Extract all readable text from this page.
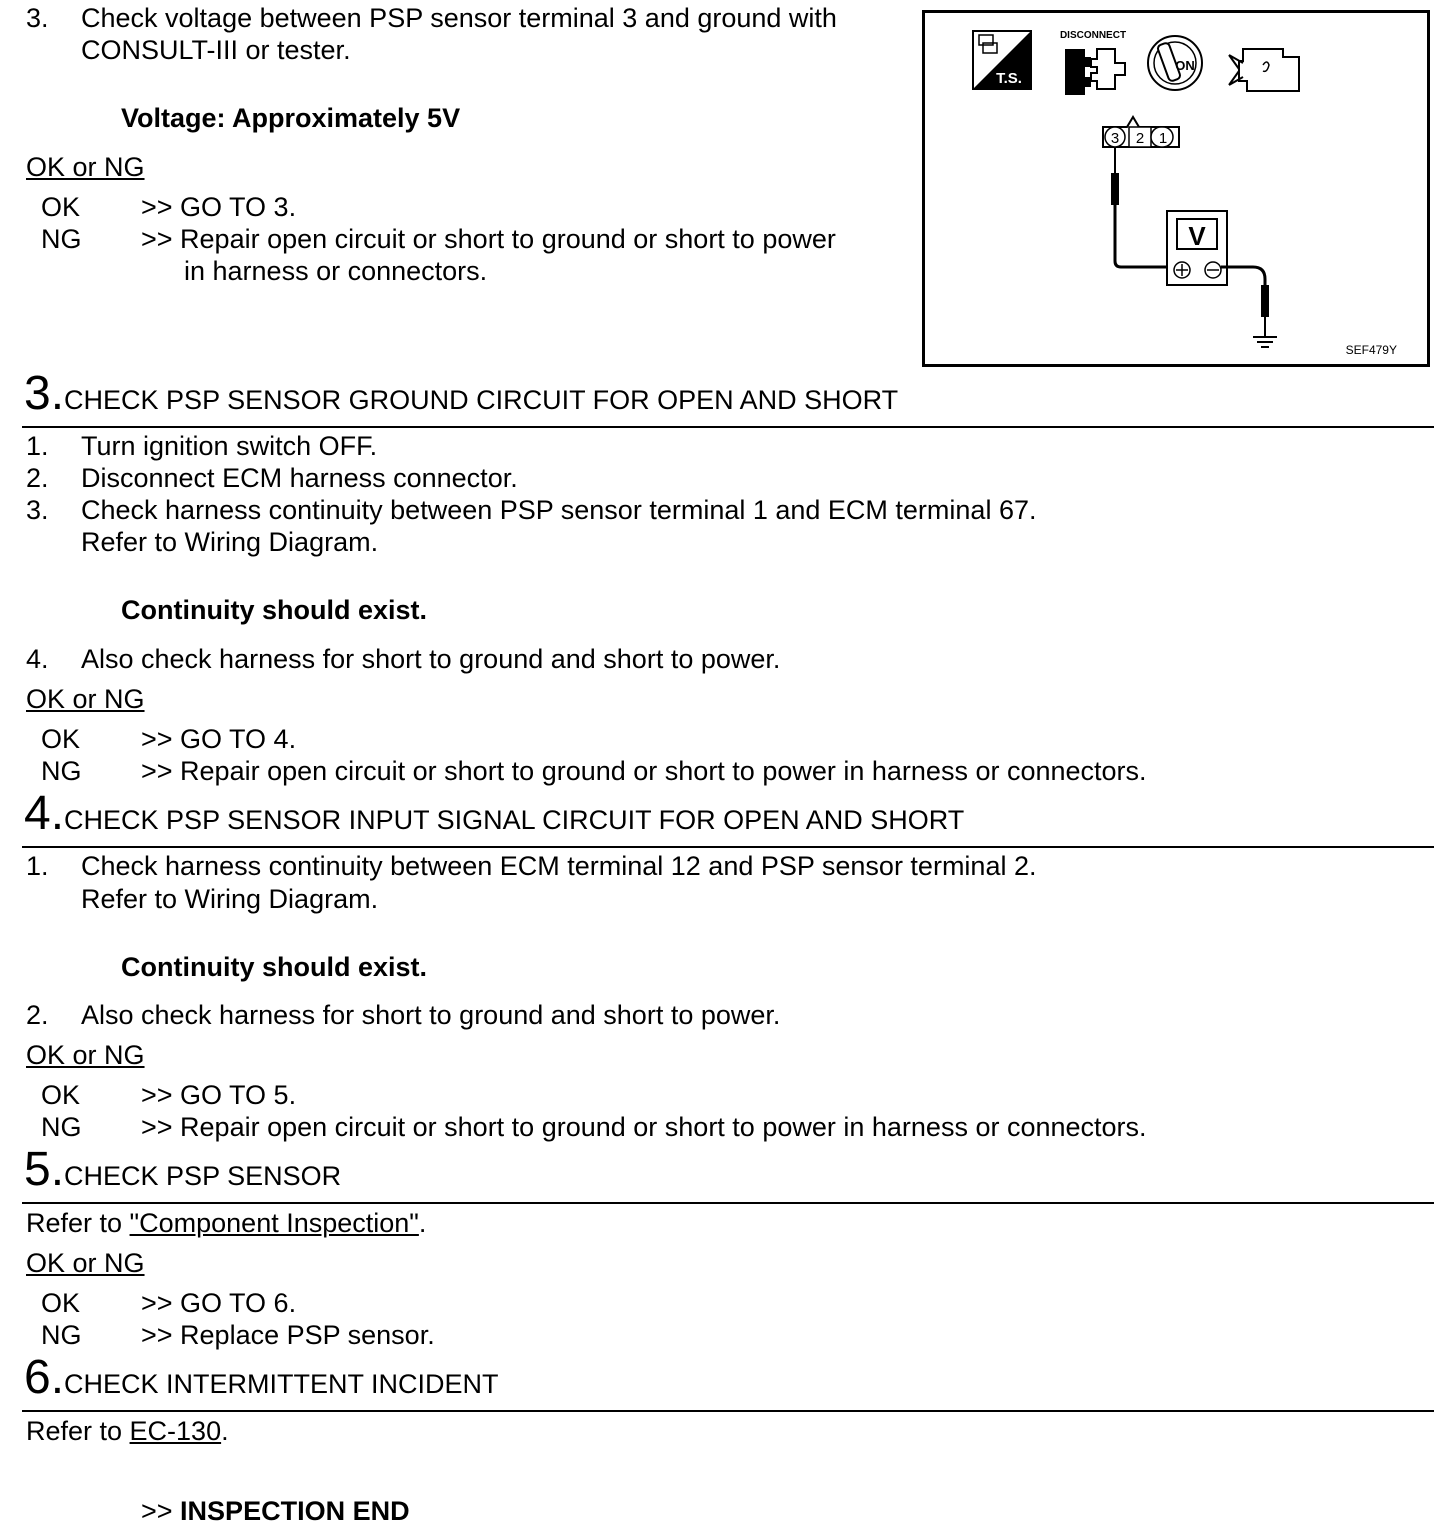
3. Check voltage between PSP sensor terminal 3 and ground with
CONSULT-III or tester.
Voltage: Approximately 5V
OK or NG
OK >> GO TO 3.
NG >> Repair open circuit or short to ground or short to power
in harness or connectors.
T.S.
DISCONNECT
ON
3 2 1
V
SEF479Y
3.CHECK PSP SENSOR GROUND CIRCUIT FOR OPEN AND SHORT
1. Turn ignition switch OFF.
2. Disconnect ECM harness connector.
3. Check harness continuity between PSP sensor terminal 1 and ECM terminal 67.
Refer to Wiring Diagram.
Continuity should exist.
4. Also check harness for short to ground and short to power.
OK or NG
OK >> GO TO 4.
NG >> Repair open circuit or short to ground or short to power in harness or connectors.
4.CHECK PSP SENSOR INPUT SIGNAL CIRCUIT FOR OPEN AND SHORT
1. Check harness continuity between ECM terminal 12 and PSP sensor terminal 2.
Refer to Wiring Diagram.
Continuity should exist.
2. Also check harness for short to ground and short to power.
OK or NG
OK >> GO TO 5.
NG >> Repair open circuit or short to ground or short to power in harness or connectors.
5.CHECK PSP SENSOR
Refer to "Component Inspection".
OK or NG
OK >> GO TO 6.
NG >> Replace PSP sensor.
6.CHECK INTERMITTENT INCIDENT
Refer to EC-130.
>> INSPECTION END
